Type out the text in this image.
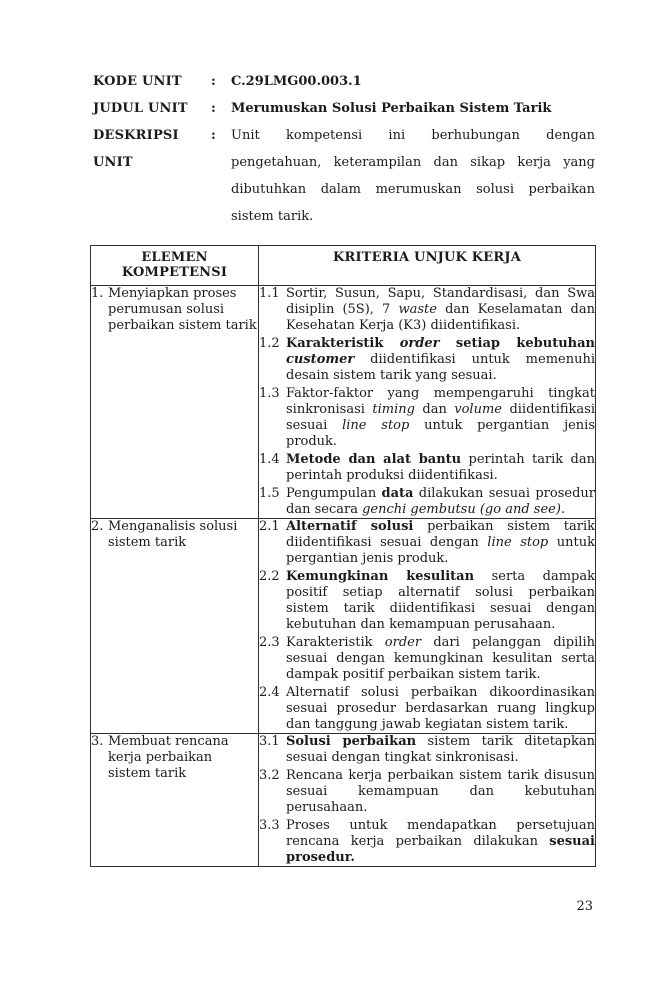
KODE UNIT	:	C.29LMG00.003.1
JUDUL UNIT	:	Merumuskan Solusi Perbaikan Sistem Tarik
DESKRIPSI UNIT
:	Unit kompetensi ini berhubungan dengan pengetahuan, keterampilan dan sikap kerja yang dibutuhkan dalam merumuskan solusi perbaikan sistem tarik.
ELEMEN KOMPETENSI	KRITERIA UNJUK KERJA

1. Menyiapkan proses perumusan solusi perbaikan sistem tarik

1.1 Sortir, Susun, Sapu, Standardisasi, dan Swa disiplin (5S), 7 waste dan Keselamatan dan Kesehatan Kerja (K3) diidentifikasi.
1.2 Karakteristik order setiap kebutuhan customer diidentifikasi untuk memenuhi desain sistem tarik yang sesuai.
1.3 Faktor-faktor yang mempengaruhi tingkat sinkronisasi timing dan volume diidentifikasi sesuai line stop untuk pergantian jenis produk.
1.4 Metode dan alat bantu perintah tarik dan perintah produksi diidentifikasi.
1.5 Pengumpulan data dilakukan sesuai prosedur dan secara genchi gembutsu (go and see).

2. Menganalisis solusi sistem tarik

2.1 Alternatif solusi perbaikan sistem tarik diidentifikasi sesuai dengan line stop untuk pergantian jenis produk.
2.2 Kemungkinan kesulitan serta dampak positif setiap alternatif solusi perbaikan sistem tarik diidentifikasi sesuai dengan kebutuhan dan kemampuan perusahaan.
2.3 Karakteristik order dari pelanggan dipilih sesuai dengan kemungkinan kesulitan serta dampak positif perbaikan sistem tarik.
2.4 Alternatif solusi perbaikan dikoordinasikan sesuai prosedur berdasarkan ruang lingkup dan tanggung jawab kegiatan sistem tarik.

3. Membuat rencana kerja perbaikan sistem tarik

3.1 Solusi perbaikan sistem tarik ditetapkan sesuai dengan tingkat sinkronisasi.
3.2 Rencana kerja perbaikan sistem tarik disusun sesuai kemampuan dan kebutuhan perusahaan.
3.3 Proses untuk mendapatkan persetujuan rencana kerja perbaikan dilakukan sesuai prosedur.
23
